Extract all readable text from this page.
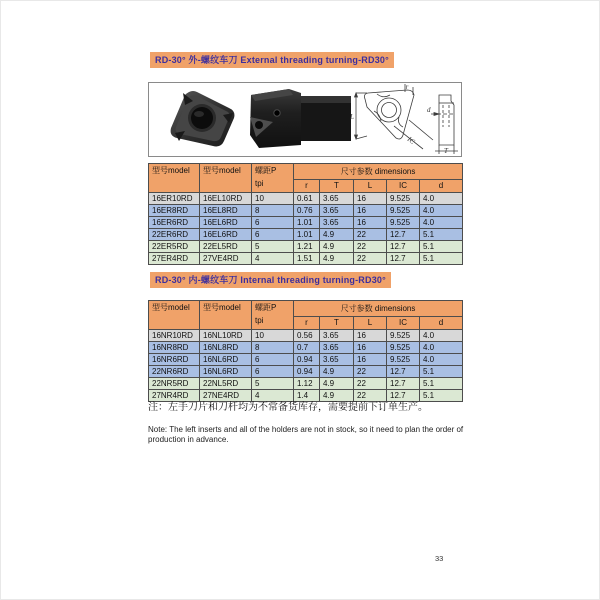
RD-30° 外-螺纹车刀 External threading turning-RD30°
r
L
IC
d
T
型号model	型号model	螺距P
tpi	尺寸参数 dimensions				
			r	T	L	IC	d
16ER10RD	16EL10RD	10	0.61	3.65	16	9.525	4.0
16ER8RD	16EL8RD	8	0.76	3.65	16	9.525	4.0
16ER6RD	16EL6RD	6	1.01	3.65	16	9.525	4.0
22ER6RD	16EL6RD	6	1.01	4.9	22	12.7	5.1
22ER5RD	22EL5RD	5	1.21	4.9	22	12.7	5.1
27ER4RD	27VE4RD	4	1.51	4.9	22	12.7	5.1
RD-30° 内-螺纹车刀 Internal threading turning-RD30°
型号model	型号model	螺距P
tpi	尺寸参数 dimensions				
			r	T	L	IC	d
16NR10RD	16NL10RD	10	0.56	3.65	16	9.525	4.0
16NR8RD	16NL8RD	8	0.7	3.65	16	9.525	4.0
16NR6RD	16NL6RD	6	0.94	3.65	16	9.525	4.0
22NR6RD	16NL6RD	6	0.94	4.9	22	12.7	5.1
22NR5RD	22NL5RD	5	1.12	4.9	22	12.7	5.1
27NR4RD	27NE4RD	4	1.4	4.9	22	12.7	5.1
注：左手刀片和刀杆均为不常备货库存，需要提前下订单生产。
Note: The left inserts and all of the holders are not in stock, so it need to plan the order of production in advance.
33
